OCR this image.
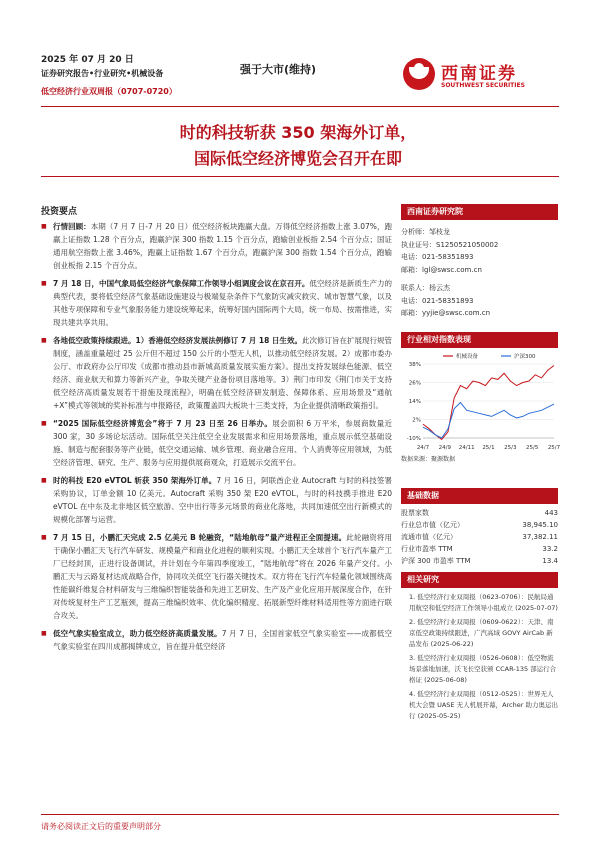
2025 年 07 月 20 日
证券研究报告•行业研究•机械设备
低空经济行业双周报（0707-0720）
强于大市(维持)	西南证券
SOUTHWEST SECURITIES
时的科技斩获 350 架海外订单，
国际低空经济博览会召开在即
投资要点
■ 行情回顾：本期（7 月 7 日-7 月 20 日）低空经济板块跑赢大盘。万得低空经济指数上涨 3.07%，跑赢上证指数 1.28 个百分点，跑赢沪深 300 指数 1.15 个百分点，跑输创业板指 2.54 个百分点；国证通用航空指数上涨 3.46%，跑赢上证指数 1.67 个百分点，跑赢沪深 300 指数 1.54 个百分点，跑输创业板指 2.15 个百分点。
■ 7 月 18 日，中国气象局低空经济气象保障工作领导小组调度会议在京召开。低空经济是新质生产力的典型代表，要将低空经济气象基础设施建设与极端复杂条件下气象防灾减灾救灾、城市智慧气象，以及其他专项保障和专业气象服务能力建设统筹起来，统筹好国内国际两个大局，统一布局、按需推进，实现共建共享共用。
■ 各地低空政策持续跟进。1）香港低空经济发展法例修订 7 月 18 日生效。此次修订旨在扩展现行规管制度，涵盖重量超过 25 公斤但不超过 150 公斤的小型无人机，以推动低空经济发展。2）成都市委办公厅、市政府办公厅印发《成都市推动县市新城高质量发展实施方案》。提出支持发展绿色能源、低空经济、商业航天和算力等新兴产业，争取关键产业备份项目落地等。3）荆门市印发《荆门市关于支持低空经济高质量发展若干措施及现流程》，明确在低空经济研发制造、保障体系、应用场景及“通航+X”模式等领域的奖补标准与申报路径，政策覆盖四大板块十三类支持，为企业提供清晰政策指引。
■ “2025 国际低空经济博览会”将于 7 月 23 日至 26 日举办。展会面积 6 万平米，参展商数量近 300 家，30 多场论坛活动。国际低空关注低空全业发展需求和应用场景落地，重点展示低空基础设施、制造与配套服务等产业链，低空交通运输、城乡管理、商业融合应用、个人消费等应用领域，为低空经济管理、研究、生产、服务与应用提供展商观众，打造展示交流平台。
■ 时的科技 E20 eVTOL 斩获 350 架海外订单。7 月 16 日，阿联酋企业 Autocraft 与时的科技签署采购协议，订单金额 10 亿美元。Autocraft 采购 350 架 E20 eVTOL，与时的科技携手推进 E20 eVTOL 在中东及北非地区低空旅游、空中出行等多元场景的商业化落地，共同加速低空出行新模式的规模化部署与运营。
■ 7 月 15 日，小鹏汇天完成 2.5 亿美元 B 轮融资，“陆地航母”量产进程正全面提速。此轮融资将用于确保小鹏汇天飞行汽车研发、规模量产和商业化进程的顺利实现。小鹏汇天全球首个飞行汽车量产工厂已经封顶，正进行设备调试，并计划在今年第四季度竣工，“陆地航母”将在 2026 年量产交付。小鹏汇天与云路复材达成战略合作，协同攻关低空飞行器关键技术。双方将在飞行汽车轻量化领域围绕高性能碳纤维复合材料研发与三维编织智能装备和先进工艺研发、生产及产业化应用开展深度合作，在针对传统复材生产工艺瓶颈，提高三维编织效率、优化编织精度、拓展新型纤维材料适用性等方面进行联合攻关。
■ 低空气象实验室成立，助力低空经济高质量发展。7 月 7 日，全国首家低空气象实验室——成都低空气象实验室在四川成都揭牌成立，旨在提升低空经济
西南证券研究院
分析师：邹枝龙
执业证号：S1250521050002
电话：021-58351893
邮箱：lgl@swsc.com.cn
联系人：杨云杰
电话：021-58351893
邮箱：yyjie@swsc.com.cn
行业相对指数表现
-10%
2%
14%
26%
38%
24/7 24/9 24/11 25/1 25/3 25/5 25/7
机械设备	沪深300
数据来源：聚源数据
基础数据
股票家数	443
行业总市值（亿元）	38,945.10
流通市值（亿元）	37,382.11
行业市盈率 TTM	33.2
沪深 300 市盈率 TTM	13.4
相关研究
1. 低空经济行业双周报（0623-0706）：民航局通用航空和低空经济工作领导小组成立 (2025-07-07)
2. 低空经济行业双周报（0609-0622）：天津、南京低空政策持续跟进，广汽高域 GOVY AirCab 新品发布 (2025-06-22)
3. 低空经济行业双周报（0526-0608）：低空物流场景落地加速，沃飞长空获颁 CCAR-135 部运行合格证 (2025-06-08)
4. 低空经济行业双周报（0512-0525）：世界无人机大会暨 UASE 无人机展开幕，Archer 助力奥运出行 (2025-05-25)
请务必阅读正文后的重要声明部分
